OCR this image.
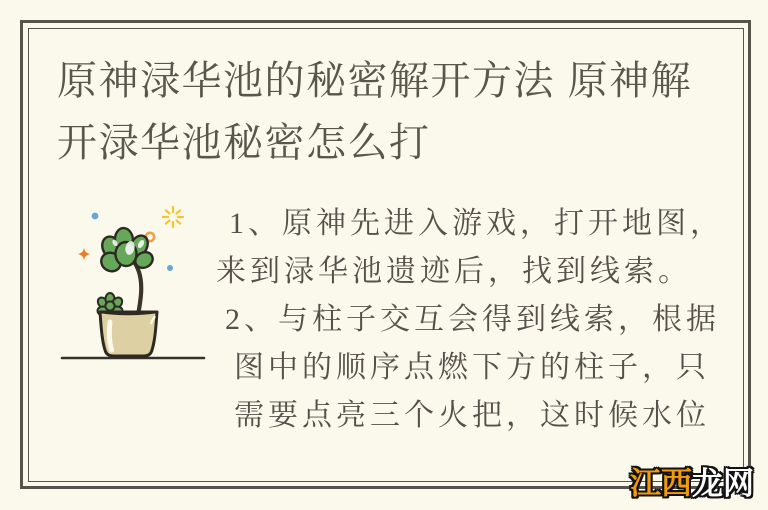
原神渌华池的秘密解开方法 原神解开渌华池秘密怎么打
1、原神先进入游戏，打开地图，
来到渌华池遗迹后，找到线索。
2、与柱子交互会得到线索，根据
图中的顺序点燃下方的柱子，只
需要点亮三个火把，这时候水位
江西龙网
